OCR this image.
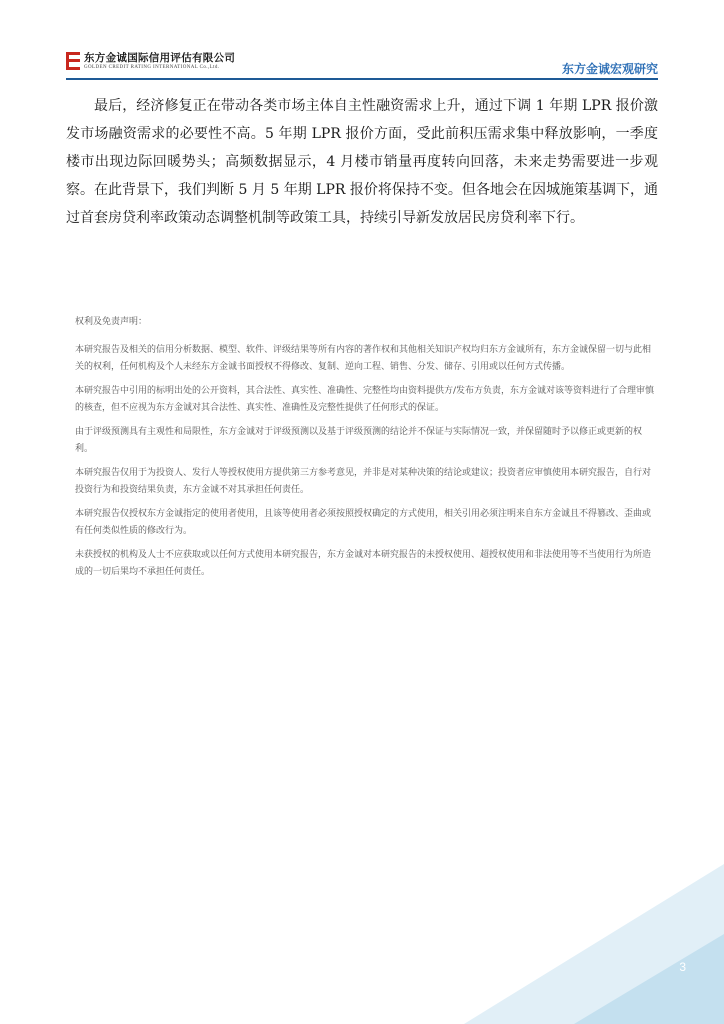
东方金诚国际信用评估有限公司
GOLDEN CREDIT RATING INTERNATIONAL Co.,Ltd.	东方金诚宏观研究

最后，经济修复正在带动各类市场主体自主性融资需求上升，通过下调 1 年期 LPR 报价激发市场融资需求的必要性不高。5 年期 LPR 报价方面，受此前积压需求集中释放影响，一季度楼市出现边际回暖势头；高频数据显示，4 月楼市销量再度转向回落，未来走势需要进一步观察。在此背景下，我们判断 5 月 5 年期 LPR 报价将保持不变。但各地会在因城施策基调下，通过首套房贷利率政策动态调整机制等政策工具，持续引导新发放居民房贷利率下行。

权利及免责声明：

本研究报告及相关的信用分析数据、模型、软件、评级结果等所有内容的著作权和其他相关知识产权均归东方金诚所有，东方金诚保留一切与此相关的权利，任何机构及个人未经东方金诚书面授权不得修改、复制、逆向工程、销售、分发、储存、引用或以任何方式传播。

本研究报告中引用的标明出处的公开资料，其合法性、真实性、准确性、完整性均由资料提供方/发布方负责，东方金诚对该等资料进行了合理审慎的核查，但不应视为东方金诚对其合法性、真实性、准确性及完整性提供了任何形式的保证。

由于评级预测具有主观性和局限性，东方金诚对于评级预测以及基于评级预测的结论并不保证与实际情况一致，并保留随时予以修正或更新的权利。

本研究报告仅用于为投资人、发行人等授权使用方提供第三方参考意见，并非是对某种决策的结论或建议；投资者应审慎使用本研究报告，自行对投资行为和投资结果负责，东方金诚不对其承担任何责任。

本研究报告仅授权东方金诚指定的使用者使用，且该等使用者必须按照授权确定的方式使用，相关引用必须注明来自东方金诚且不得篡改、歪曲或有任何类似性质的修改行为。

未获授权的机构及人士不应获取或以任何方式使用本研究报告，东方金诚对本研究报告的未授权使用、超授权使用和非法使用等不当使用行为所造成的一切后果均不承担任何责任。

3
